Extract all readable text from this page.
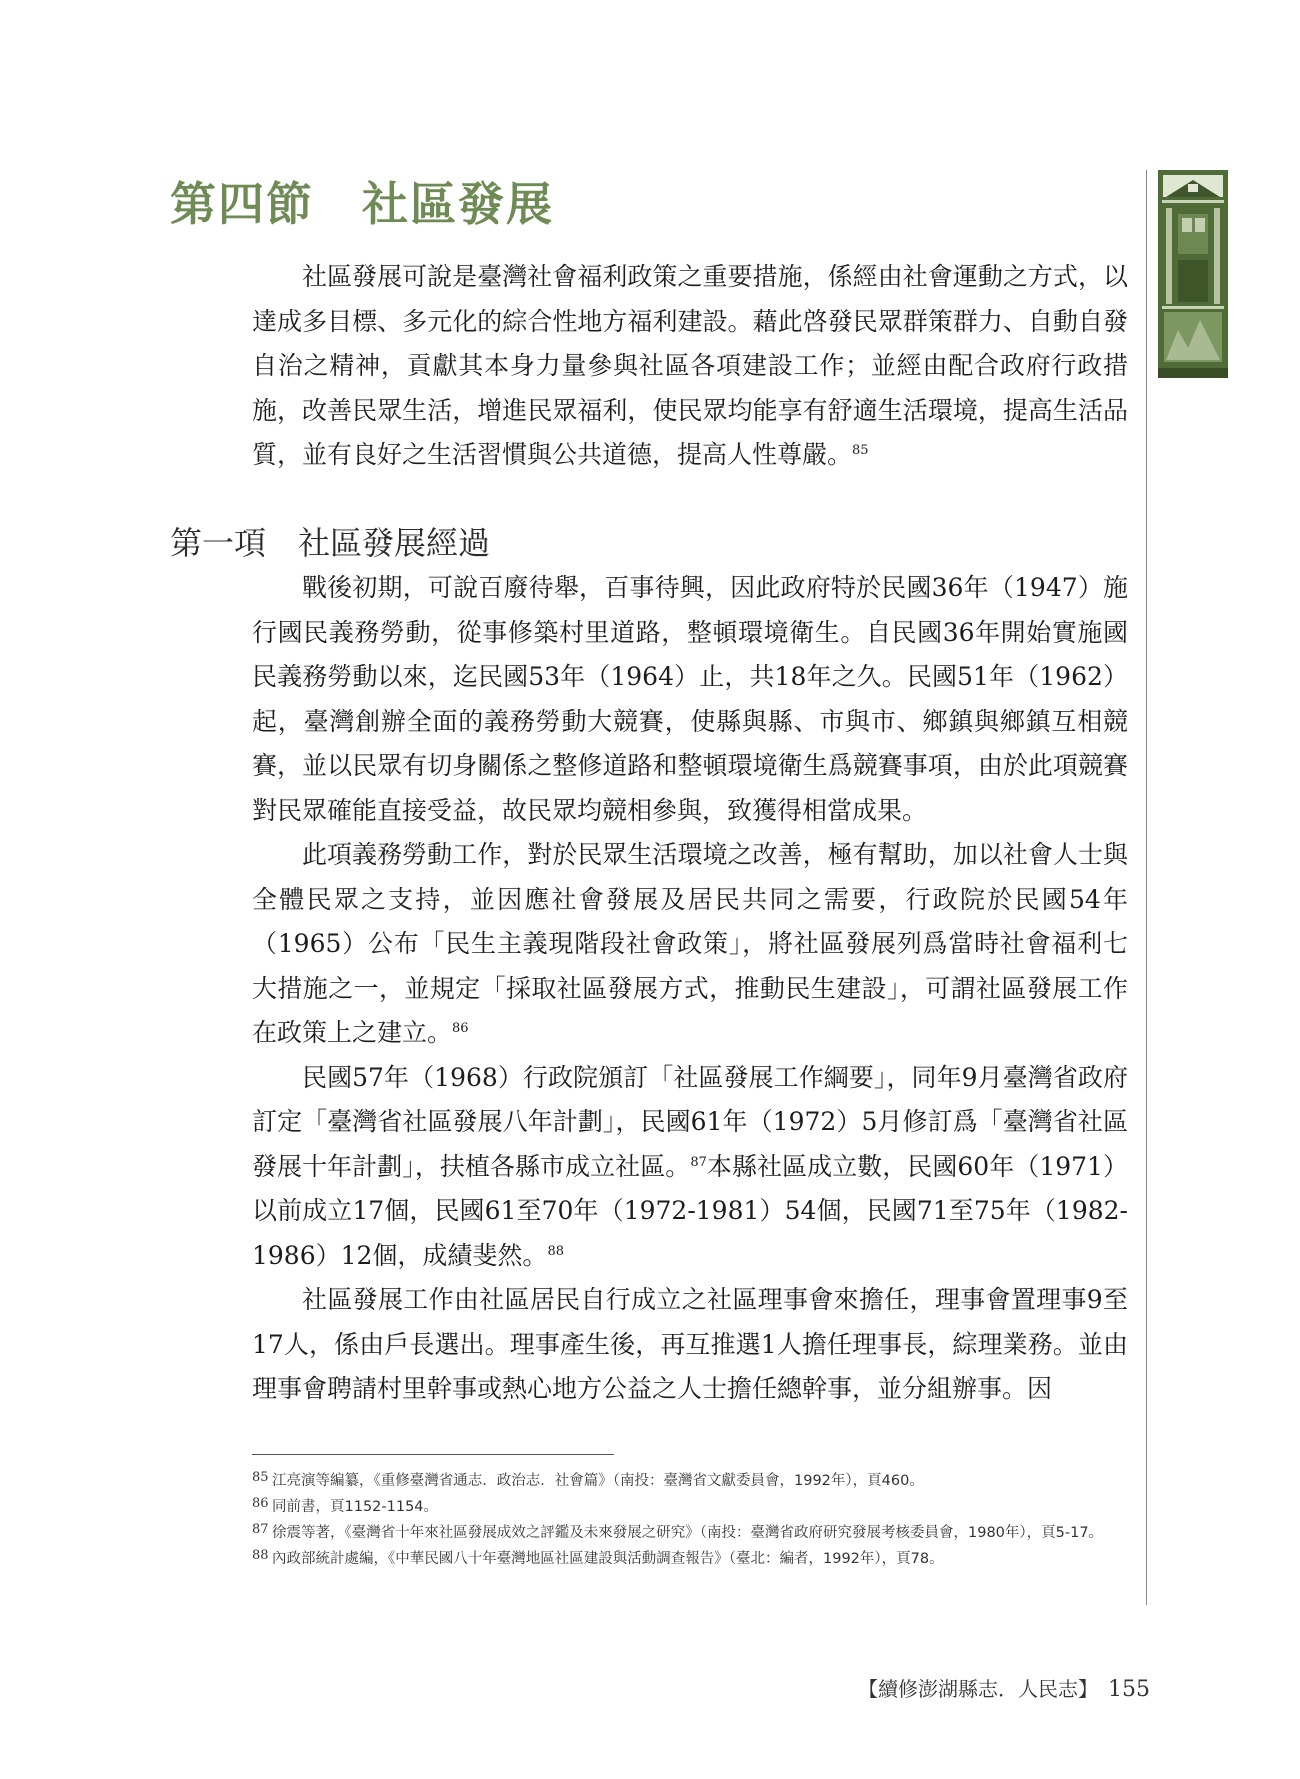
第四節　社區發展

社區發展可說是臺灣社會福利政策之重要措施，係經由社會運動之方式，以達成多目標、多元化的綜合性地方福利建設。藉此啓發民眾群策群力、自動自發自治之精神，貢獻其本身力量參與社區各項建設工作；並經由配合政府行政措施，改善民眾生活，增進民眾福利，使民眾均能享有舒適生活環境，提高生活品質，並有良好之生活習慣與公共道德，提高人性尊嚴。$^{85}$

第一項　社區發展經過

戰後初期，可說百廢待舉，百事待興，因此政府特於民國36年（1947）施行國民義務勞動，從事修築村里道路，整頓環境衛生。自民國36年開始實施國民義務勞動以來，迄民國53年（1964）止，共18年之久。民國51年（1962）起，臺灣創辦全面的義務勞動大競賽，使縣與縣、市與市、鄉鎮與鄉鎮互相競賽，並以民眾有切身關係之整修道路和整頓環境衛生爲競賽事項，由於此項競賽對民眾確能直接受益，故民眾均競相參與，致獲得相當成果。

此項義務勞動工作，對於民眾生活環境之改善，極有幫助，加以社會人士與全體民眾之支持，並因應社會發展及居民共同之需要，行政院於民國54年（1965）公布「民生主義現階段社會政策」，將社區發展列爲當時社會福利七大措施之一，並規定「採取社區發展方式，推動民生建設」，可謂社區發展工作在政策上之建立。$^{86}$

民國57年（1968）行政院頒訂「社區發展工作綱要」，同年9月臺灣省政府訂定「臺灣省社區發展八年計劃」，民國61年（1972）5月修訂爲「臺灣省社區發展十年計劃」，扶植各縣市成立社區。$^{87}$本縣社區成立數，民國60年（1971）以前成立17個，民國61至70年（1972-1981）54個，民國71至75年（1982-1986）12個，成績斐然。$^{88}$

社區發展工作由社區居民自行成立之社區理事會來擔任，理事會置理事9至17人，係由戶長選出。理事產生後，再互推選1人擔任理事長，綜理業務。並由理事會聘請村里幹事或熱心地方公益之人士擔任總幹事，並分組辦事。因

85 江亮演等編纂，《重修臺灣省通志．政治志．社會篇》（南投：臺灣省文獻委員會，1992年），頁460。
86 同前書，頁1152-1154。
87 徐震等著，《臺灣省十年來社區發展成效之評鑑及未來發展之研究》（南投：臺灣省政府研究發展考核委員會，1980年），頁5-17。
88 內政部統計處編，《中華民國八十年臺灣地區社區建設與活動調查報告》（臺北：編者，1992年），頁78。
【續修澎湖縣志．人民志】 155
